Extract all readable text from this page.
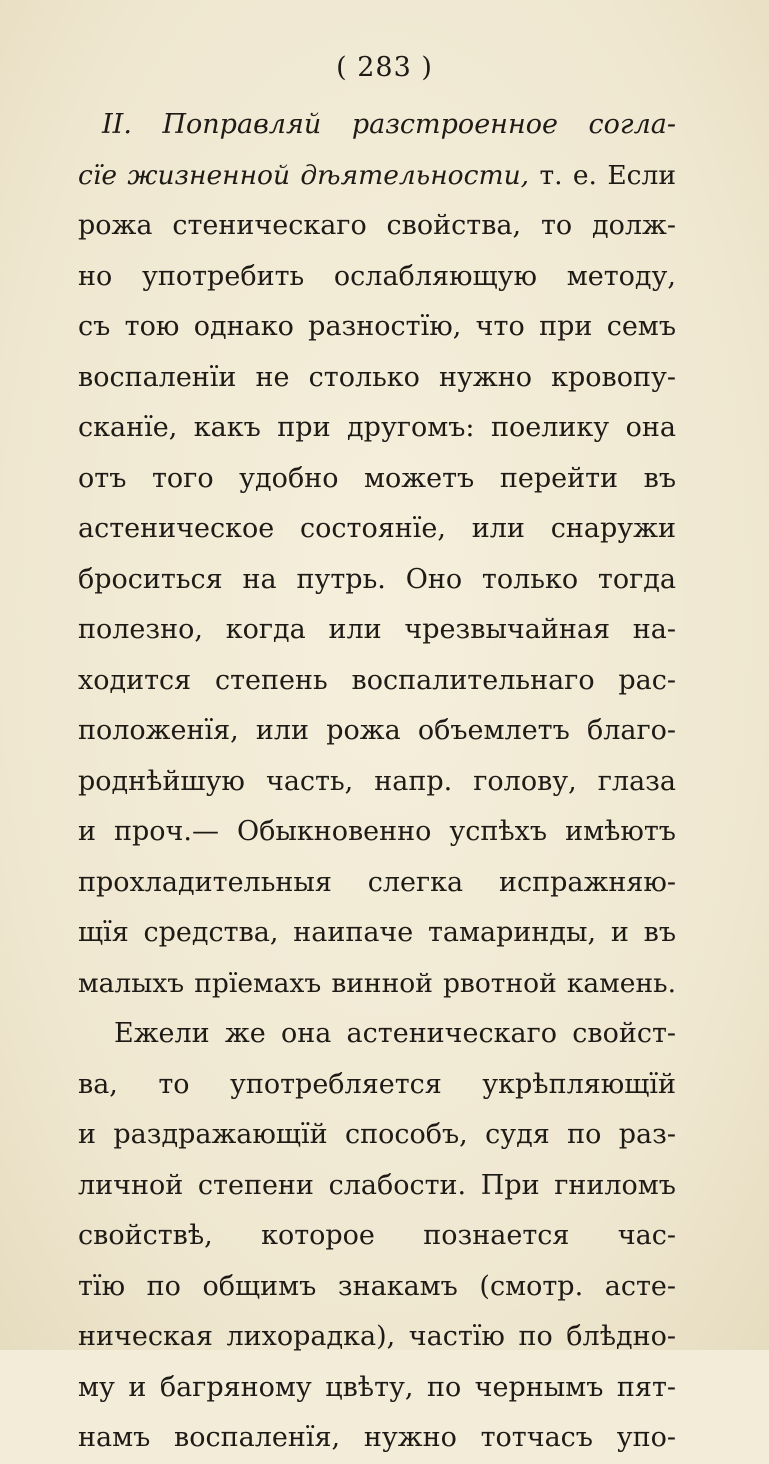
( 283 )
II. Поправляй разстроенное согла-
сїе жизненной дѣятельности, т. е. Если
рожа стеническаго свойства, то долж-
но употребить ослабляющую методу,
съ тою однако разностїю, что при семъ
воспаленїи не столько нужно кровопу-
сканїе, какъ при другомъ: поелику она
отъ того удобно можетъ перейти въ
астеническое состоянїе, или снаружи
броситься на путрь. Оно только тогда
полезно, когда или чрезвычайная на-
ходится степень воспалительнаго рас-
положенїя, или рожа объемлетъ благо-
роднѣйшую часть, напр. голову, глаза
и проч.— Обыкновенно успѣхъ имѣютъ
прохладительныя слегка испражняю-
щїя средства, наипаче тамаринды, и въ
малыхъ прїемахъ винной рвотной камень.
Ежели же она астеническаго свойст-
ва, то употребляется укрѣпляющїй
и раздражающїй способъ, судя по раз-
личной степени слабости. При гниломъ
свойствѣ, которое познается час-
тїю по общимъ знакамъ (смотр. асте-
ническая лихорадка), частїю по блѣдно-
му и багряному цвѣту, по чернымъ пят-
намъ воспаленїя, нужно тотчасъ упо-
